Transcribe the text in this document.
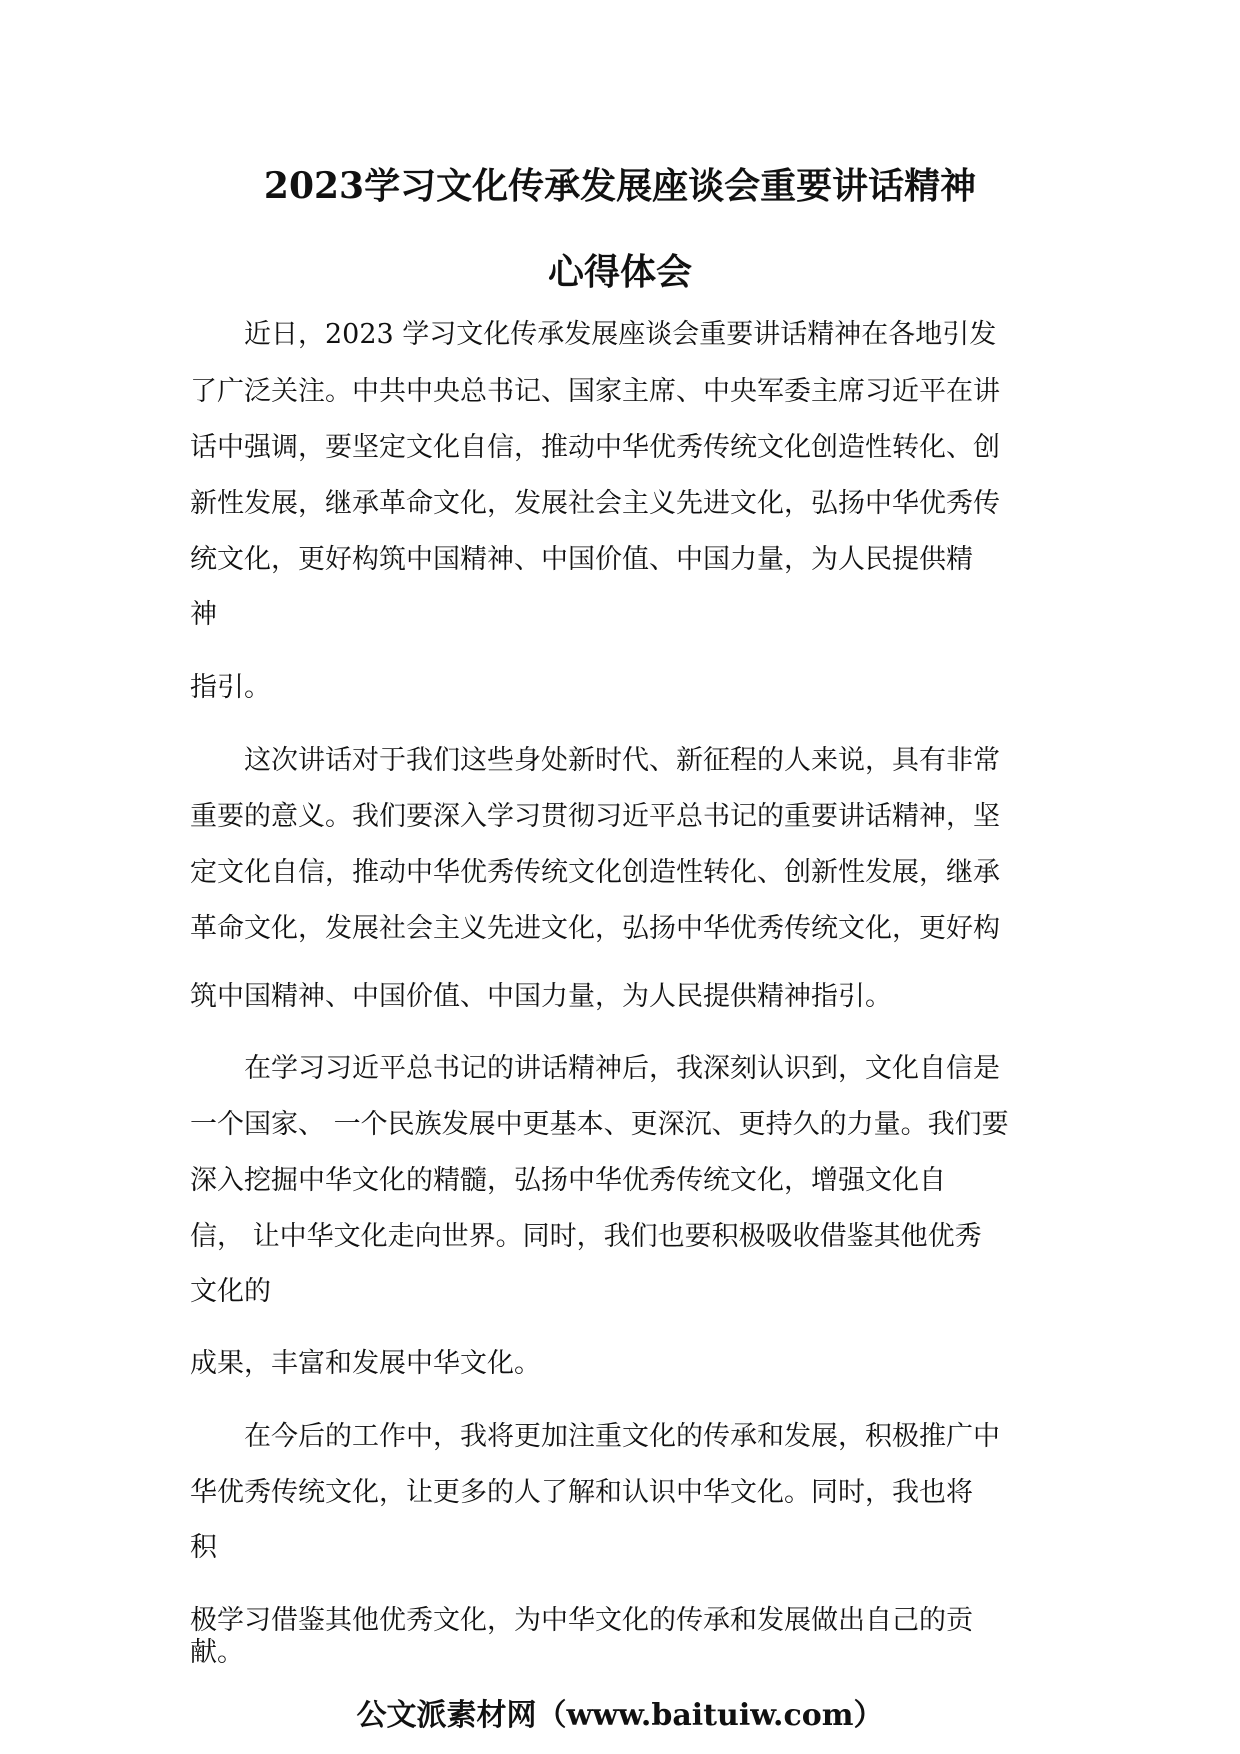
2023学习文化传承发展座谈会重要讲话精神
心得体会
　　近日，2023 学习文化传承发展座谈会重要讲话精神在各地引发
了广泛关注。中共中央总书记、国家主席、中央军委主席习近平在讲
话中强调，要坚定文化自信，推动中华优秀传统文化创造性转化、创
新性发展，继承革命文化，发展社会主义先进文化，弘扬中华优秀传
统文化，更好构筑中国精神、中国价值、中国力量，为人民提供精
神
指引。
　　这次讲话对于我们这些身处新时代、新征程的人来说，具有非常
重要的意义。我们要深入学习贯彻习近平总书记的重要讲话精神，坚
定文化自信，推动中华优秀传统文化创造性转化、创新性发展，继承
革命文化，发展社会主义先进文化，弘扬中华优秀传统文化，更好构
筑中国精神、中国价值、中国力量，为人民提供精神指引。
　　在学习习近平总书记的讲话精神后，我深刻认识到，文化自信是
一个国家、 一个民族发展中更基本、更深沉、更持久的力量。我们要
深入挖掘中华文化的精髓，弘扬中华优秀传统文化，增强文化自
信， 让中华文化走向世界。同时，我们也要积极吸收借鉴其他优秀
文化的
成果，丰富和发展中华文化。
　　在今后的工作中，我将更加注重文化的传承和发展，积极推广中
华优秀传统文化，让更多的人了解和认识中华文化。同时，我也将
积
极学习借鉴其他优秀文化，为中华文化的传承和发展做出自己的贡
献。
公文派素材网（www.baituiw.com）
